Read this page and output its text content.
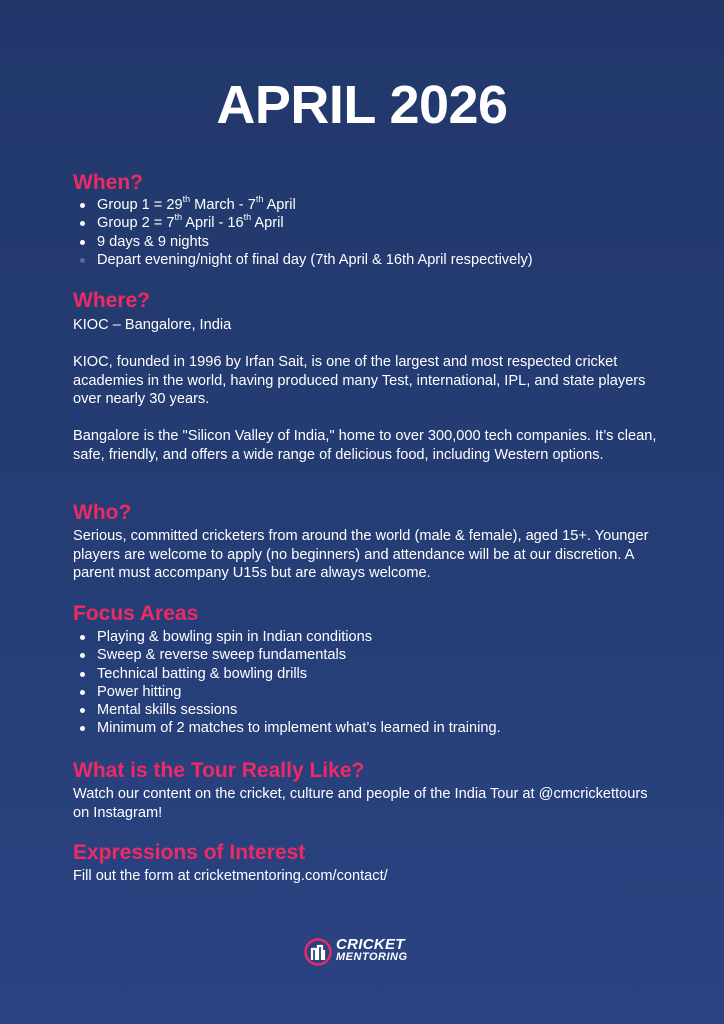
APRIL 2026
When?
Group 1 = 29th March - 7th April
Group 2 = 7th April - 16th April
9 days & 9 nights
Depart evening/night of final day (7th April & 16th April respectively)
Where?

KIOC – Bangalore, India

KIOC, founded in 1996 by Irfan Sait, is one of the largest and most respected cricket academies in the world, having produced many Test, international, IPL, and state players over nearly 30 years.

Bangalore is the "Silicon Valley of India," home to over 300,000 tech companies. It’s clean, safe, friendly, and offers a wide range of delicious food, including Western options.

Who?

Serious, committed cricketers from around the world (male & female), aged 15+. Younger players are welcome to apply (no beginners) and attendance will be at our discretion. A parent must accompany U15s but are always welcome.

Focus Areas
Playing & bowling spin in Indian conditions
Sweep & reverse sweep fundamentals
Technical batting & bowling drills
Power hitting
Mental skills sessions
Minimum of 2 matches to implement what’s learned in training.
What is the Tour Really Like?

Watch our content on the cricket, culture and people of the India Tour at @cmcrickettours on Instagram!

Expressions of Interest

Fill out the form at cricketmentoring.com/contact/

CRICKET
MENTORING
